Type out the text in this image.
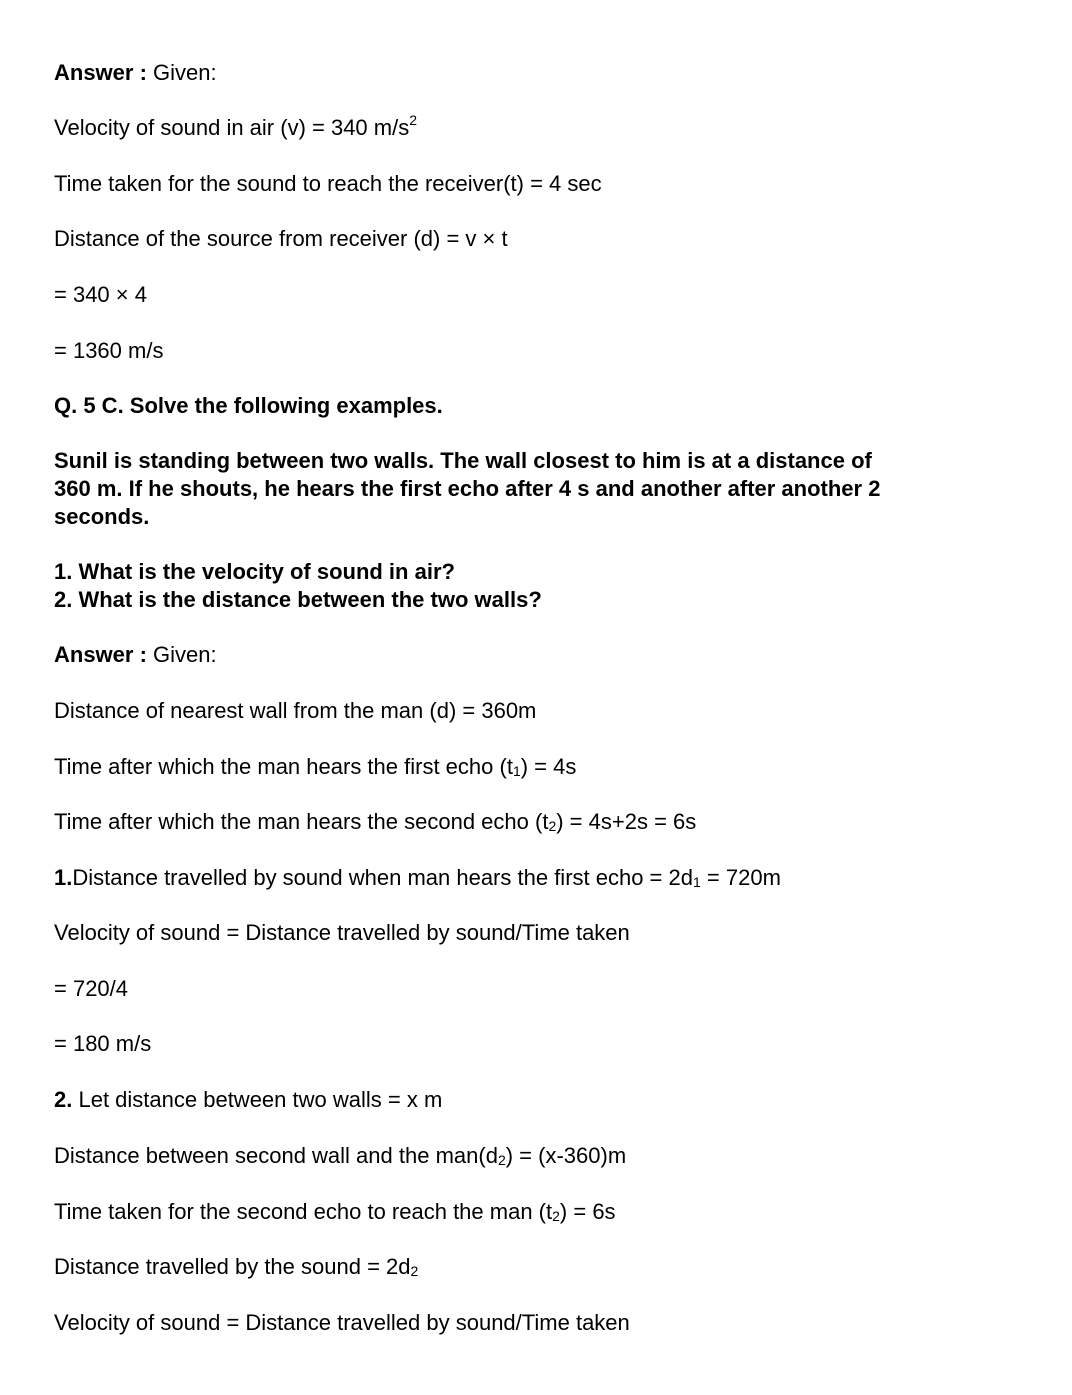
Answer : Given:
Velocity of sound in air (v) = 340 $m/s^2$
Time taken for the sound to reach the receiver(t) = 4 sec
Distance of the source from receiver (d) = v × t
= 340 × 4
= 1360 m/s
Q. 5 C. Solve the following examples.
Sunil is standing between two walls. The wall closest to him is at a distance of
360 m. If he shouts, he hears the first echo after 4 s and another after another 2
seconds.
1. What is the velocity of sound in air?
2. What is the distance between the two walls?
Answer : Given:
Distance of nearest wall from the man (d) = 360m
Time after which the man hears the first echo $(t_1) = 4s$
Time after which the man hears the second echo $(t_2) = 4s+2s = 6s$
1.Distance travelled by sound when man hears the first echo = $2d_1 = 720m$
Velocity of sound = Distance travelled by sound/Time taken
= 720/4
= 180 m/s
2. Let distance between two walls = x m
Distance between second wall and the $man(d_2) = (x-360)m$
Time taken for the second echo to reach the man $(t_2) = 6s$
Distance travelled by the sound = $2d_2$
Velocity of sound = Distance travelled by sound/Time taken
